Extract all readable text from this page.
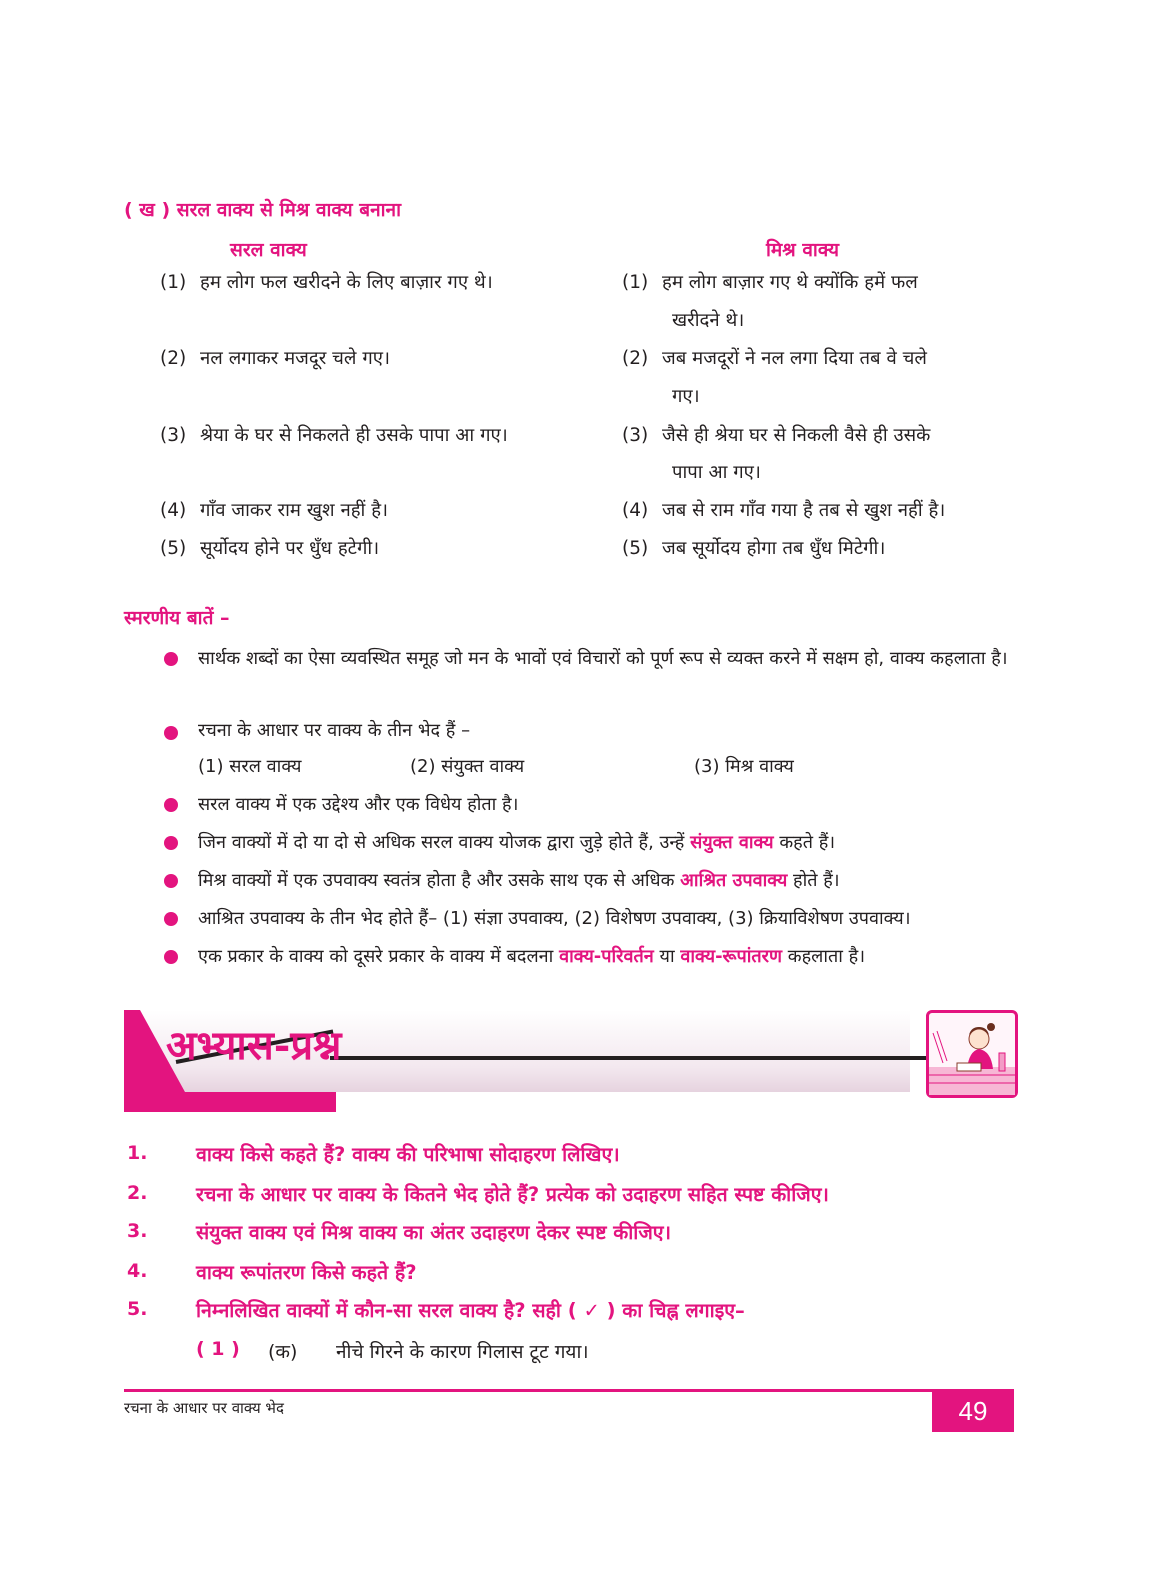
( ख ) सरल वाक्य से मिश्र वाक्य बनाना
सरल वाक्य	मिश्र वाक्य
(1) हम लोग फल खरीदने के लिए बाज़ार गए थे।	(1) हम लोग बाज़ार गए थे क्योंकि हमें फल
खरीदने थे।
(2) नल लगाकर मजदूर चले गए।	(2) जब मजदूरों ने नल लगा दिया तब वे चले
गए।
(3) श्रेया के घर से निकलते ही उसके पापा आ गए।	(3) जैसे ही श्रेया घर से निकली वैसे ही उसके
पापा आ गए।
(4) गाँव जाकर राम खुश नहीं है।	(4) जब से राम गाँव गया है तब से खुश नहीं है।
(5) सूर्योदय होने पर धुँध हटेगी।	(5) जब सूर्योदय होगा तब धुँध मिटेगी।
स्मरणीय बातें –
सार्थक शब्दों का ऐसा व्यवस्थित समूह जो मन के भावों एवं विचारों को पूर्ण रूप से व्यक्त करने में सक्षम हो, वाक्य कहलाता है।
रचना के आधार पर वाक्य के तीन भेद हैं –
(1) सरल वाक्य	(2) संयुक्त वाक्य	(3) मिश्र वाक्य
सरल वाक्य में एक उद्देश्य और एक विधेय होता है।
जिन वाक्यों में दो या दो से अधिक सरल वाक्य योजक द्वारा जुड़े होते हैं, उन्हें संयुक्त वाक्य कहते हैं।
मिश्र वाक्यों में एक उपवाक्य स्वतंत्र होता है और उसके साथ एक से अधिक आश्रित उपवाक्य होते हैं।
आश्रित उपवाक्य के तीन भेद होते हैं– (1) संज्ञा उपवाक्य, (2) विशेषण उपवाक्य, (3) क्रियाविशेषण उपवाक्य।
एक प्रकार के वाक्य को दूसरे प्रकार के वाक्य में बदलना वाक्य-परिवर्तन या वाक्य-रूपांतरण कहलाता है।
अभ्यास-प्रश्न
1. वाक्य किसे कहते हैं? वाक्य की परिभाषा सोदाहरण लिखिए।
2. रचना के आधार पर वाक्य के कितने भेद होते हैं? प्रत्येक को उदाहरण सहित स्पष्ट कीजिए।
3. संयुक्त वाक्य एवं मिश्र वाक्य का अंतर उदाहरण देकर स्पष्ट कीजिए।
4. वाक्य रूपांतरण किसे कहते हैं?
5. निम्नलिखित वाक्यों में कौन-सा सरल वाक्य है? सही ( ✓ ) का चिह्न लगाइए–
( 1 ) (क) नीचे गिरने के कारण गिलास टूट गया।
रचना के आधार पर वाक्य भेद	49
